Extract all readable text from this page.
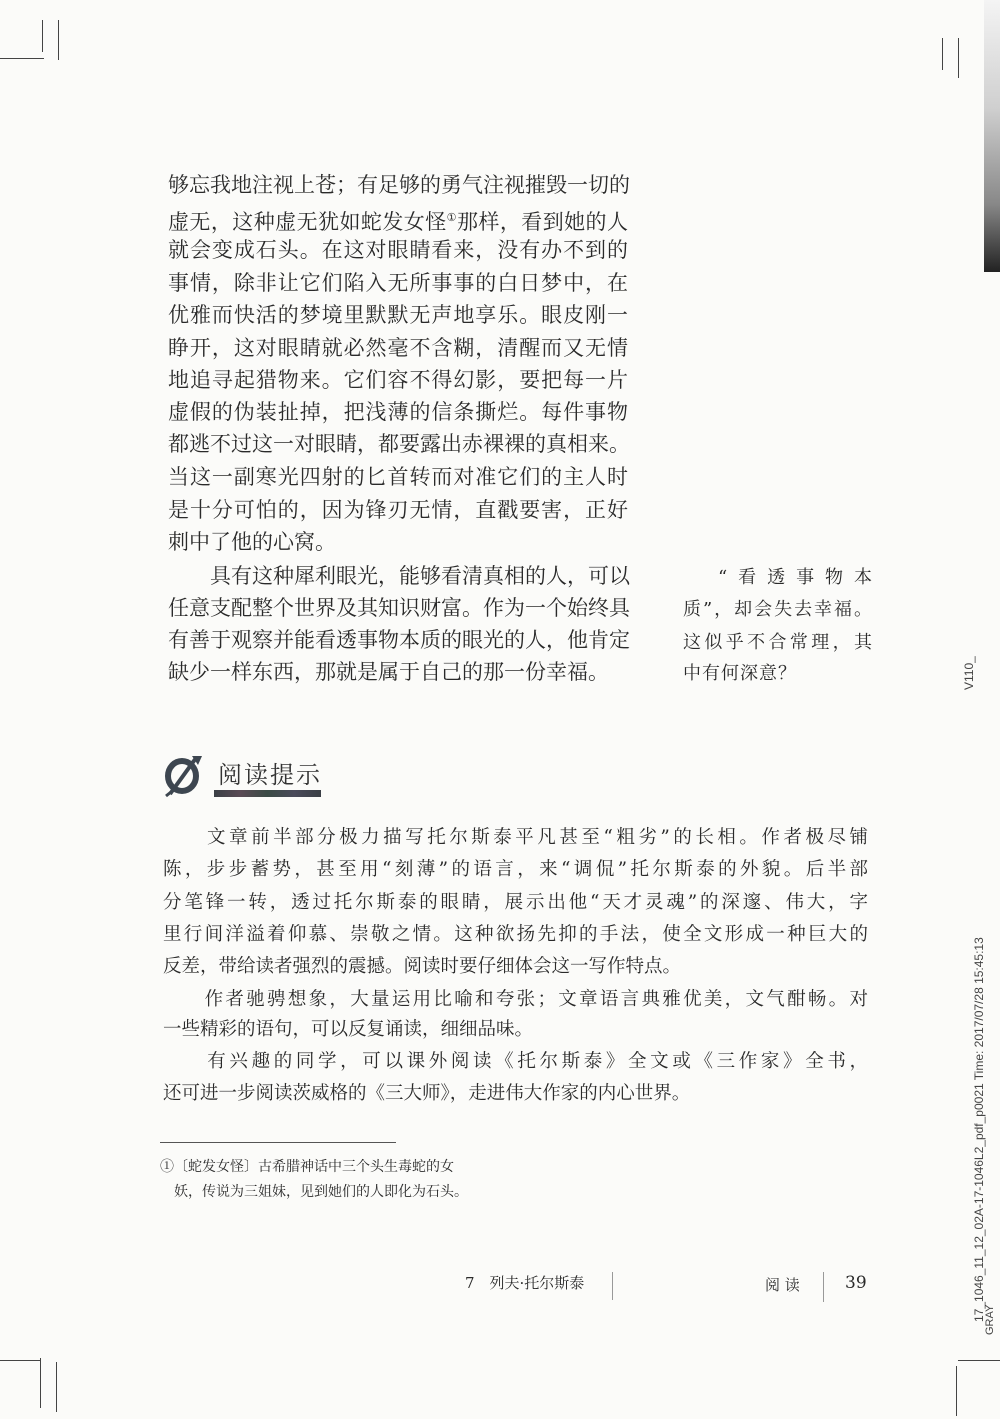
V110_
17_1046_11_12_02A-17-1046L2_pdf_p0021 Time: 2017/07/28 15:45:13
GRAY
够忘我地注视上苍；有足够的勇气注视摧毁一切的
虚无，这种虚无犹如蛇发女怪①那样，看到她的人
就会变成石头。在这对眼睛看来，没有办不到的
事情，除非让它们陷入无所事事的白日梦中，在
优雅而快活的梦境里默默无声地享乐。眼皮刚一
睁开，这对眼睛就必然毫不含糊，清醒而又无情
地追寻起猎物来。它们容不得幻影，要把每一片
虚假的伪装扯掉，把浅薄的信条撕烂。每件事物
都逃不过这一对眼睛，都要露出赤裸裸的真相来。
当这一副寒光四射的匕首转而对准它们的主人时
是十分可怕的，因为锋刃无情，直戳要害，正好
刺中了他的心窝。
　　具有这种犀利眼光，能够看清真相的人，可以
任意支配整个世界及其知识财富。作为一个始终具
有善于观察并能看透事物本质的眼光的人，他肯定
缺少一样东西，那就是属于自己的那一份幸福。
“看透事物本
质”，却会失去幸福。
这似乎不合常理，其
中有何深意？
阅读提示
　　文章前半部分极力描写托尔斯泰平凡甚至“粗劣”的长相。作者极尽铺
陈，步步蓄势，甚至用“刻薄”的语言，来“调侃”托尔斯泰的外貌。后半部
分笔锋一转，透过托尔斯泰的眼睛，展示出他“天才灵魂”的深邃、伟大，字
里行间洋溢着仰慕、崇敬之情。这种欲扬先抑的手法，使全文形成一种巨大的
反差，带给读者强烈的震撼。阅读时要仔细体会这一写作特点。
　　作者驰骋想象，大量运用比喻和夸张；文章语言典雅优美，文气酣畅。对
一些精彩的语句，可以反复诵读，细细品味。
　　有兴趣的同学，可以课外阅读《托尔斯泰》全文或《三作家》全书，
还可进一步阅读茨威格的《三大师》，走进伟大作家的内心世界。
①〔蛇发女怪〕古希腊神话中三个头生毒蛇的女
　妖，传说为三姐妹，见到她们的人即化为石头。
7　列夫·托尔斯泰	阅 读	39
